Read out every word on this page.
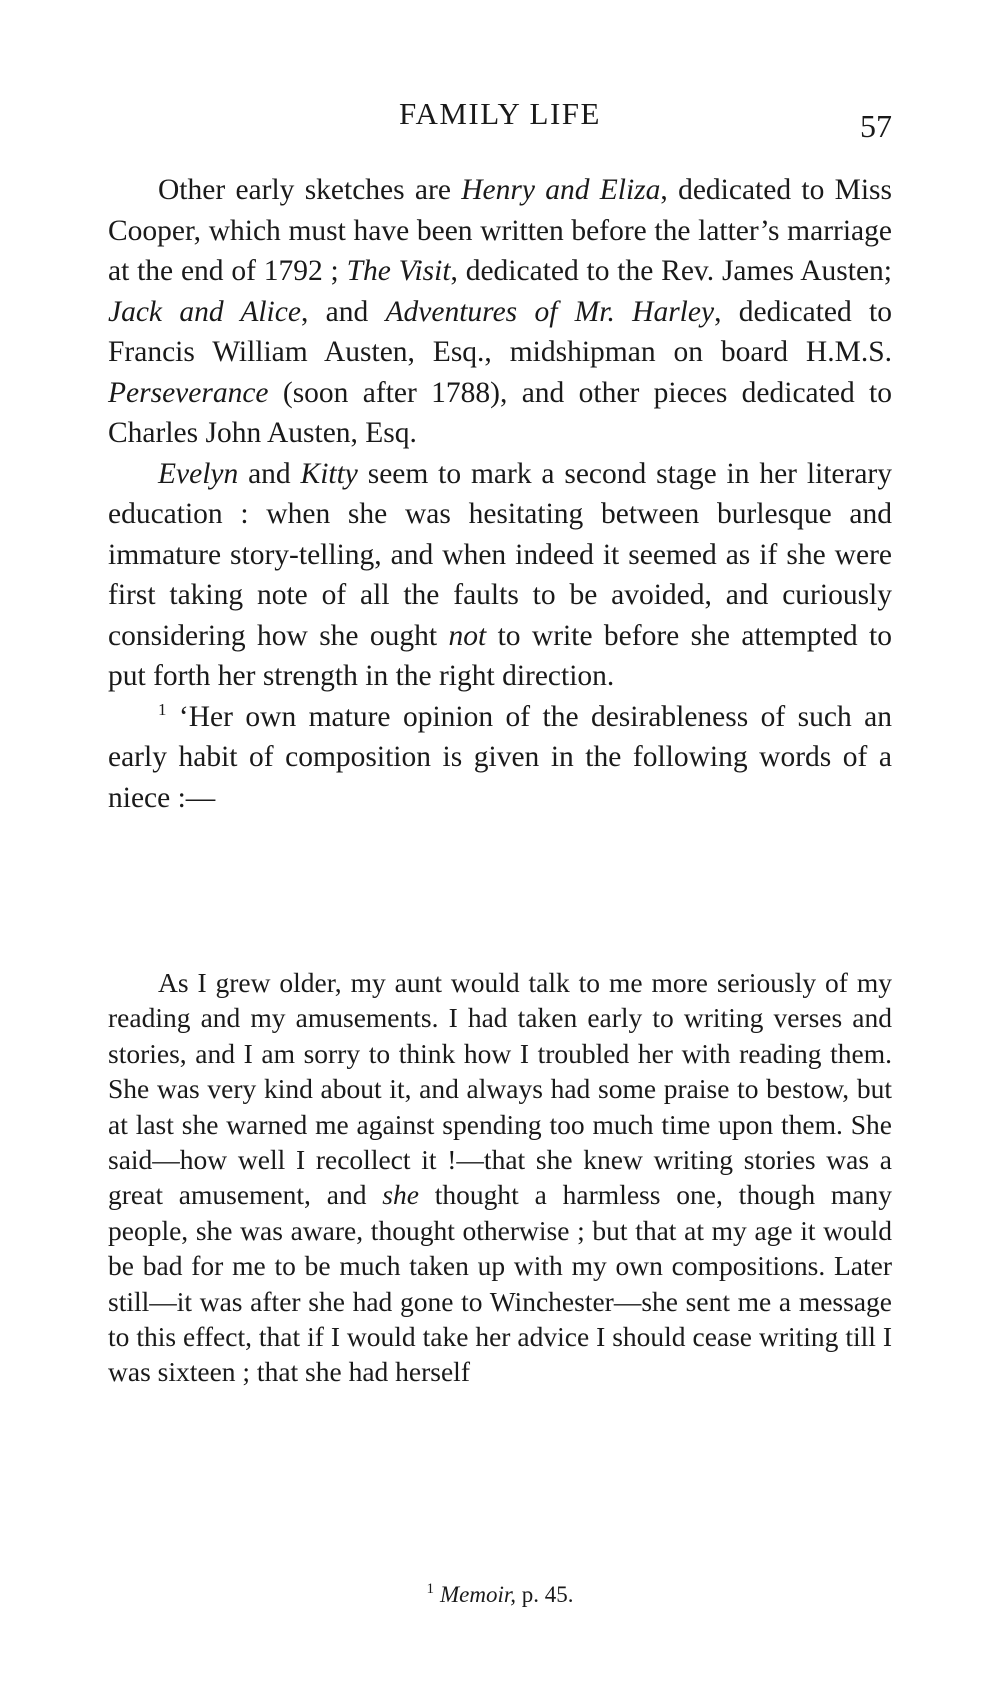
FAMILY LIFE	57

Other early sketches are Henry and Eliza, dedicated to Miss Cooper, which must have been written before the latter’s marriage at the end of 1792 ; The Visit, dedicated to the Rev. James Austen; Jack and Alice, and Adventures of Mr. Harley, dedicated to Francis William Austen, Esq., midshipman on board H.M.S. Perseverance (soon after 1788), and other pieces dedicated to Charles John Austen, Esq.

Evelyn and Kitty seem to mark a second stage in her literary education : when she was hesitating between burlesque and immature story-telling, and when indeed it seemed as if she were first taking note of all the faults to be avoided, and curiously considering how she ought not to write before she attempted to put forth her strength in the right direction.

$^1$ ‘Her own mature opinion of the desirableness of such an early habit of composition is given in the following words of a niece :—

As I grew older, my aunt would talk to me more seriously of my reading and my amusements. I had taken early to writing verses and stories, and I am sorry to think how I troubled her with reading them. She was very kind about it, and always had some praise to bestow, but at last she warned me against spending too much time upon them. She said—how well I recollect it !—that she knew writing stories was a great amusement, and she thought a harmless one, though many people, she was aware, thought otherwise ; but that at my age it would be bad for me to be much taken up with my own compositions. Later still—it was after she had gone to Winchester—she sent me a message to this effect, that if I would take her advice I should cease writing till I was sixteen ; that she had herself

$^1$ Memoir, p. 45.
